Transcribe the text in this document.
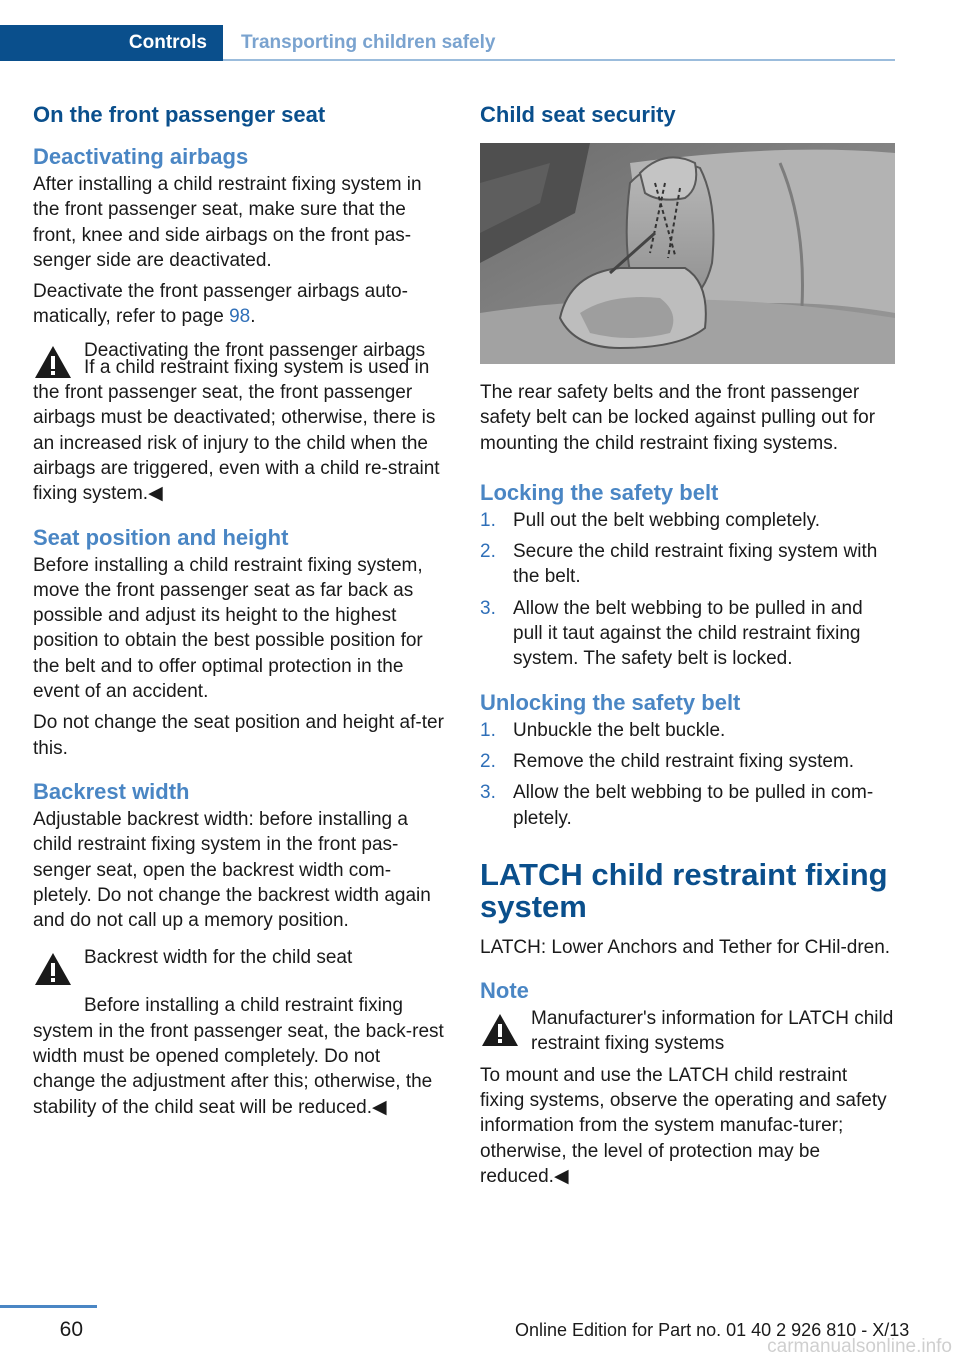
Controls	Transporting children safely
On the front passenger seat
Deactivating airbags

After installing a child restraint fixing system in the front passenger seat, make sure that the front, knee and side airbags on the front pas‐senger side are deactivated.

Deactivate the front passenger airbags auto‐matically, refer to page 98.

Deactivating the front passenger airbags

If a child restraint fixing system is used in the front passenger seat, the front passenger airbags must be deactivated; otherwise, there is an increased risk of injury to the child when the airbags are triggered, even with a child re‐straint fixing system.◀

Seat position and height

Before installing a child restraint fixing system, move the front passenger seat as far back as possible and adjust its height to the highest position to obtain the best possible position for the belt and to offer optimal protection in the event of an accident.

Do not change the seat position and height af‐ter this.

Backrest width

Adjustable backrest width: before installing a child restraint fixing system in the front pas‐senger seat, open the backrest width com‐pletely. Do not change the backrest width again and do not call up a memory position.

Backrest width for the child seat

Before installing a child restraint fixing system in the front passenger seat, the back‐rest width must be opened completely. Do not change the adjustment after this; otherwise, the stability of the child seat will be reduced.◀

Child seat security

The rear safety belts and the front passenger safety belt can be locked against pulling out for mounting the child restraint fixing systems.

Locking the safety belt
1. Pull out the belt webbing completely.
2. Secure the child restraint fixing system with the belt.
3. Allow the belt webbing to be pulled in and pull it taut against the child restraint fixing system. The safety belt is locked.
Unlocking the safety belt
1. Unbuckle the belt buckle.
2. Remove the child restraint fixing system.
3. Allow the belt webbing to be pulled in com‐pletely.
LATCH child restraint fixing system

LATCH: Lower Anchors and Tether for CHil‐dren.

Note

Manufacturer's information for LATCH child restraint fixing systems

To mount and use the LATCH child restraint fixing systems, observe the operating and safety information from the system manufac‐turer; otherwise, the level of protection may be reduced.◀

60	Online Edition for Part no. 01 40 2 926 810 - X/13
carmanualsonline.info
